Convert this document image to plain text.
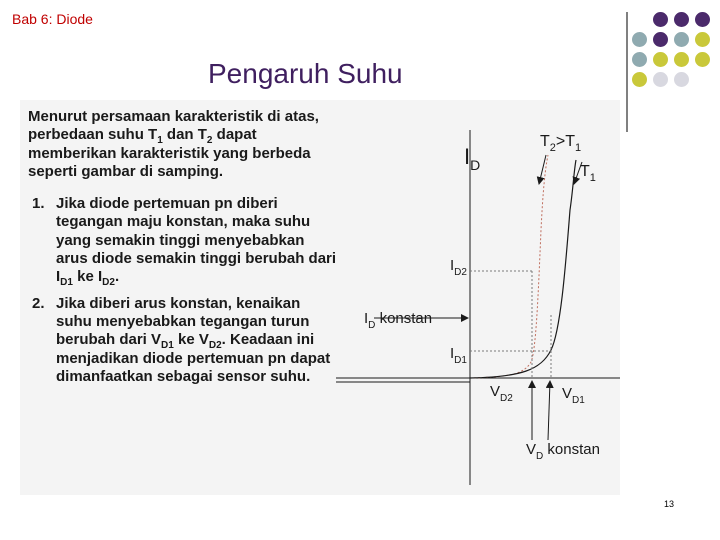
Bab 6: Diode
Pengaruh Suhu

Menurut persamaan karakteristik di atas, perbedaan suhu $T_1$ dan $T_2$ dapat memberikan karakteristik yang berbeda seperti gambar di samping.

1. Jika diode pertemuan pn diberi tegangan maju konstan, maka suhu yang semakin tinggi menyebabkan arus diode semakin tinggi berubah dari $I_{D1}$ ke $I_{D2}$.
2. Jika diberi arus konstan, kenaikan suhu menyebabkan tegangan turun berubah dari $V_{D1}$ ke $V_{D2}$. Keadaan ini menjadikan diode pertemuan pn dapat dimanfaatkan sebagai sensor suhu.
$I_D$
$T_2>T_1$
$T_1$
$I_{D2}$
$I_D$ konstan
$I_{D1}$
$V_{D2}$	$V_{D1}$
$V_D$ konstan
13
